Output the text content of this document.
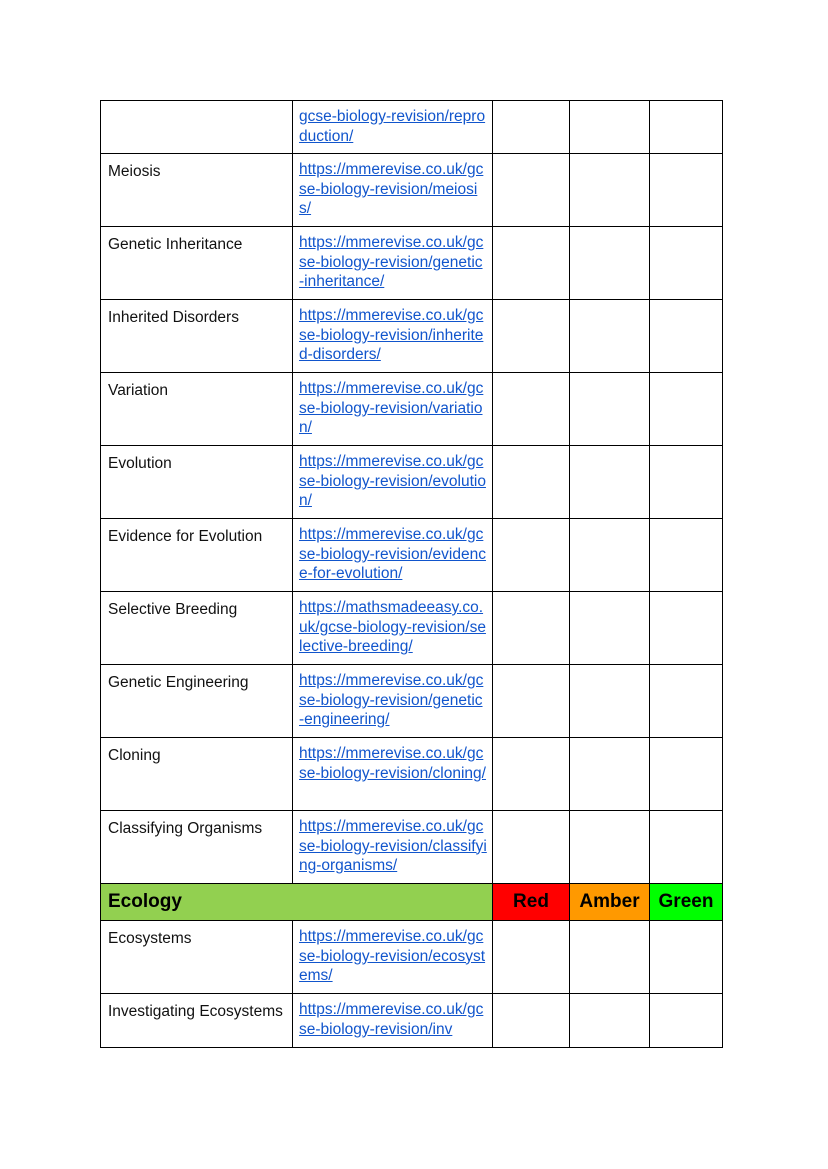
	gcse-biology-revision/reproduction/			
Meiosis	https://mmerevise.co.uk/gcse-biology-revision/meiosis/			
Genetic Inheritance	https://mmerevise.co.uk/gcse-biology-revision/genetic-inheritance/			
Inherited Disorders	https://mmerevise.co.uk/gcse-biology-revision/inherited-disorders/			
Variation	https://mmerevise.co.uk/gcse-biology-revision/variation/			
Evolution	https://mmerevise.co.uk/gcse-biology-revision/evolution/			
Evidence for Evolution	https://mmerevise.co.uk/gcse-biology-revision/evidence-for-evolution/			
Selective Breeding	https://mathsmadeeasy.co.uk/gcse-biology-revision/selective-breeding/			
Genetic Engineering	https://mmerevise.co.uk/gcse-biology-revision/genetic-engineering/			
Cloning	https://mmerevise.co.uk/gcse-biology-revision/cloning/			
Classifying Organisms	https://mmerevise.co.uk/gcse-biology-revision/classifying-organisms/			
Ecology		Red	Amber	Green
Ecosystems	https://mmerevise.co.uk/gcse-biology-revision/ecosystems/			
Investigating Ecosystems	https://mmerevise.co.uk/gcse-biology-revision/inv			
